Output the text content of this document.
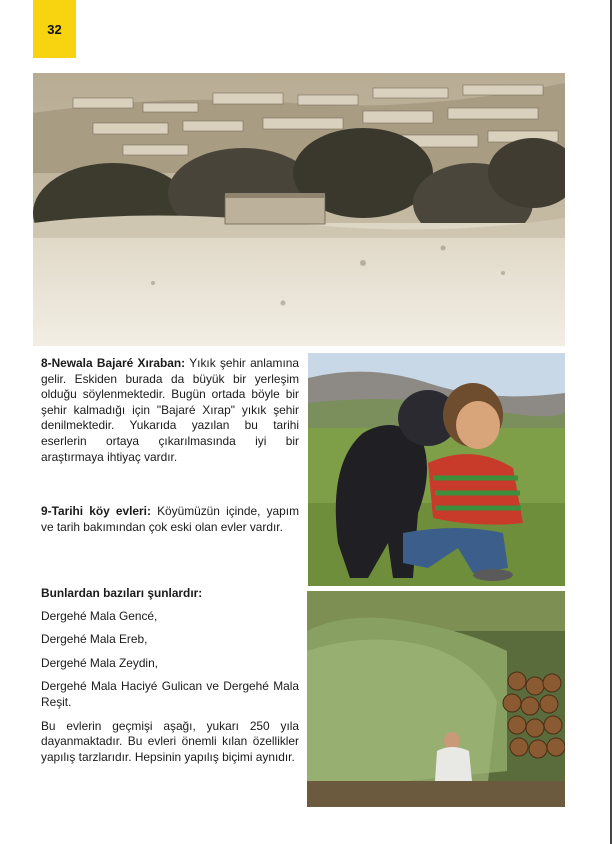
32

8-Newala Bajaré Xıraban: Yıkık şehir anlamına gelir. Eskiden burada da büyük bir yerleşim olduğu söylenmektedir. Bugün ortada böyle bir şehir kalmadığı için "Bajaré Xırap" yıkık şehir denilmektedir. Yukarıda yazılan bu tarihi eserlerin ortaya çıkarılmasında iyi bir araştırmaya ihtiyaç vardır.

9-Tarihi köy evleri: Köyümüzün içinde, yapım ve tarih bakımından çok eski olan evler vardır.

Bunlardan bazıları şunlardır:
Dergehé Mala Gencé,
Dergehé Mala Ereb,
Dergehé Mala Zeydin,
Dergehé Mala Haciyé Gulican ve Dergehé Mala Reşit.
Bu evlerin geçmişi aşağı, yukarı 250 yıla dayanmaktadır. Bu evleri önemli kılan özellikler yapılış tarzlarıdır. Hepsinin yapılış biçimi aynıdır.
